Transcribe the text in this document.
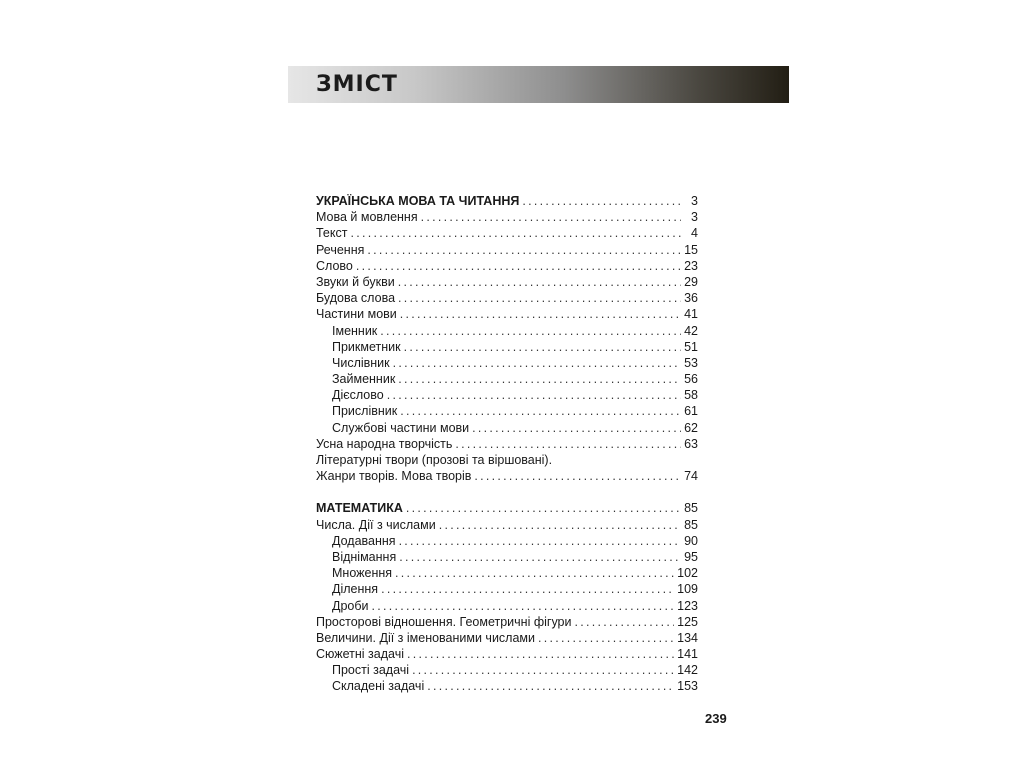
ЗМІСТ
УКРАЇНСЬКА МОВА ТА ЧИТАННЯ . . .	3
Мова й мовлення . . .	3
Текст . . .	4
Речення . . .	15
Слово . . .	23
Звуки й букви . . .	29
Будова слова . . .	36
Частини мови . . .	41
Іменник . . .	42
Прикметник . . .	51
Числівник . . .	53
Займенник . . .	56
Дієслово . . .	58
Прислівник . . .	61
Службові частини мови . . .	62
Усна народна творчість . . .	63
Літературні твори (прозові та віршовані).
Жанри творів. Мова творів . . .	74
МАТЕМАТИКА . . .	85
Числа. Дії з числами . . .	85
Додавання . . .	90
Віднімання . . .	95
Множення . . .	102
Ділення . . .	109
Дроби . . .	123
Просторові відношення. Геометричні фігури . . .	125
Величини. Дії з іменованими числами . . .	134
Сюжетні задачі . . .	141
Прості задачі . . .	142
Складені задачі . . .	153
239
